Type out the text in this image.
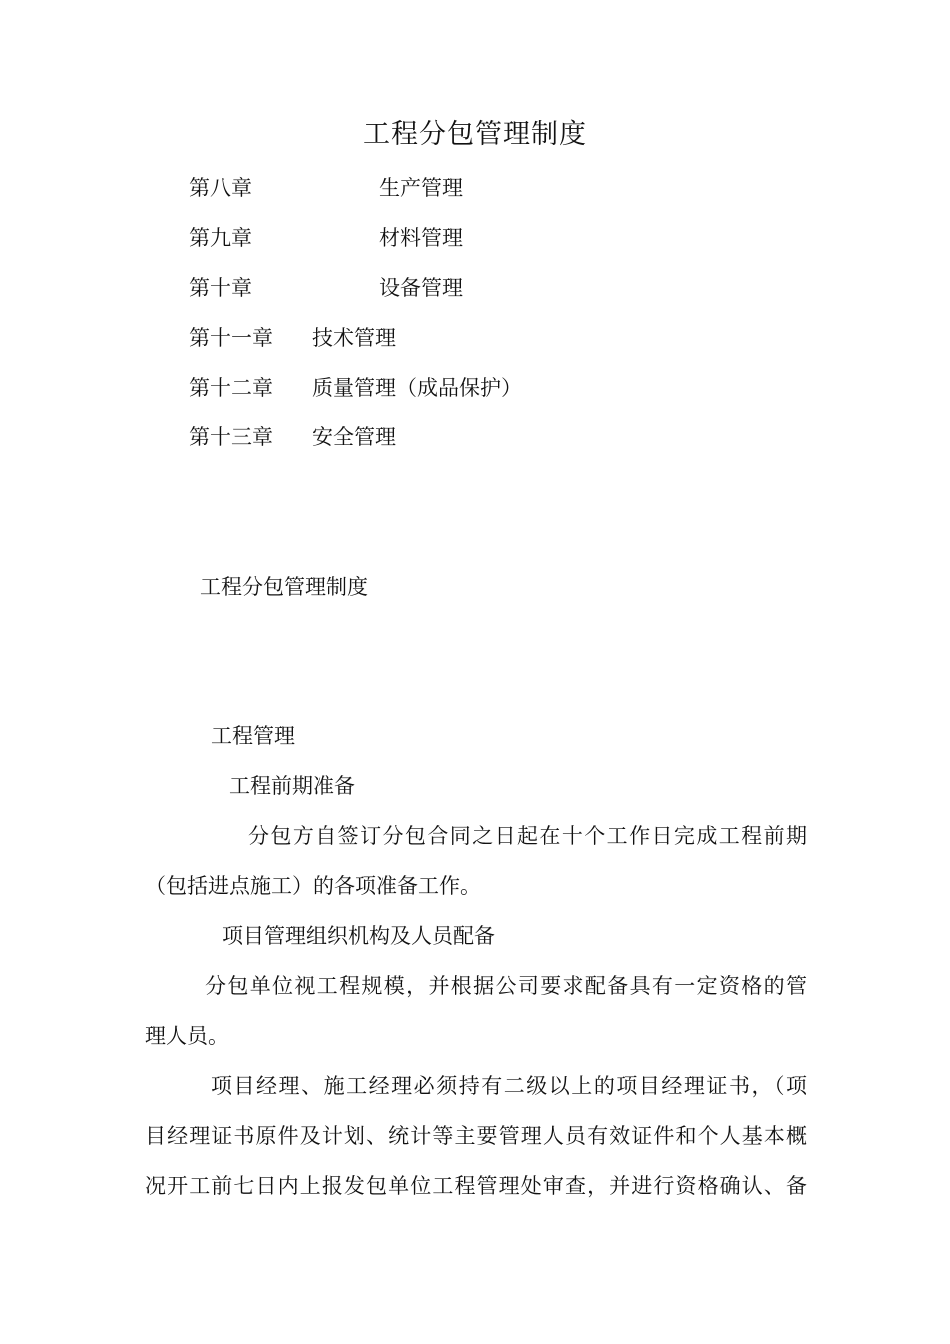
工程分包管理制度
第八章	生产管理
第九章	材料管理
第十章	设备管理
第十一章 技术管理
第十二章 质量管理（成品保护）
第十三章 安全管理
工程分包管理制度
工程管理
工程前期准备
分包方自签订分包合同之日起在十个工作日完成工程前期
（包括进点施工）的各项准备工作。
项目管理组织机构及人员配备
分包单位视工程规模，并根据公司要求配备具有一定资格的管
理人员。
项目经理、施工经理必须持有二级以上的项目经理证书，（项
目经理证书原件及计划、统计等主要管理人员有效证件和个人基本概
况开工前七日内上报发包单位工程管理处审查，并进行资格确认、备
